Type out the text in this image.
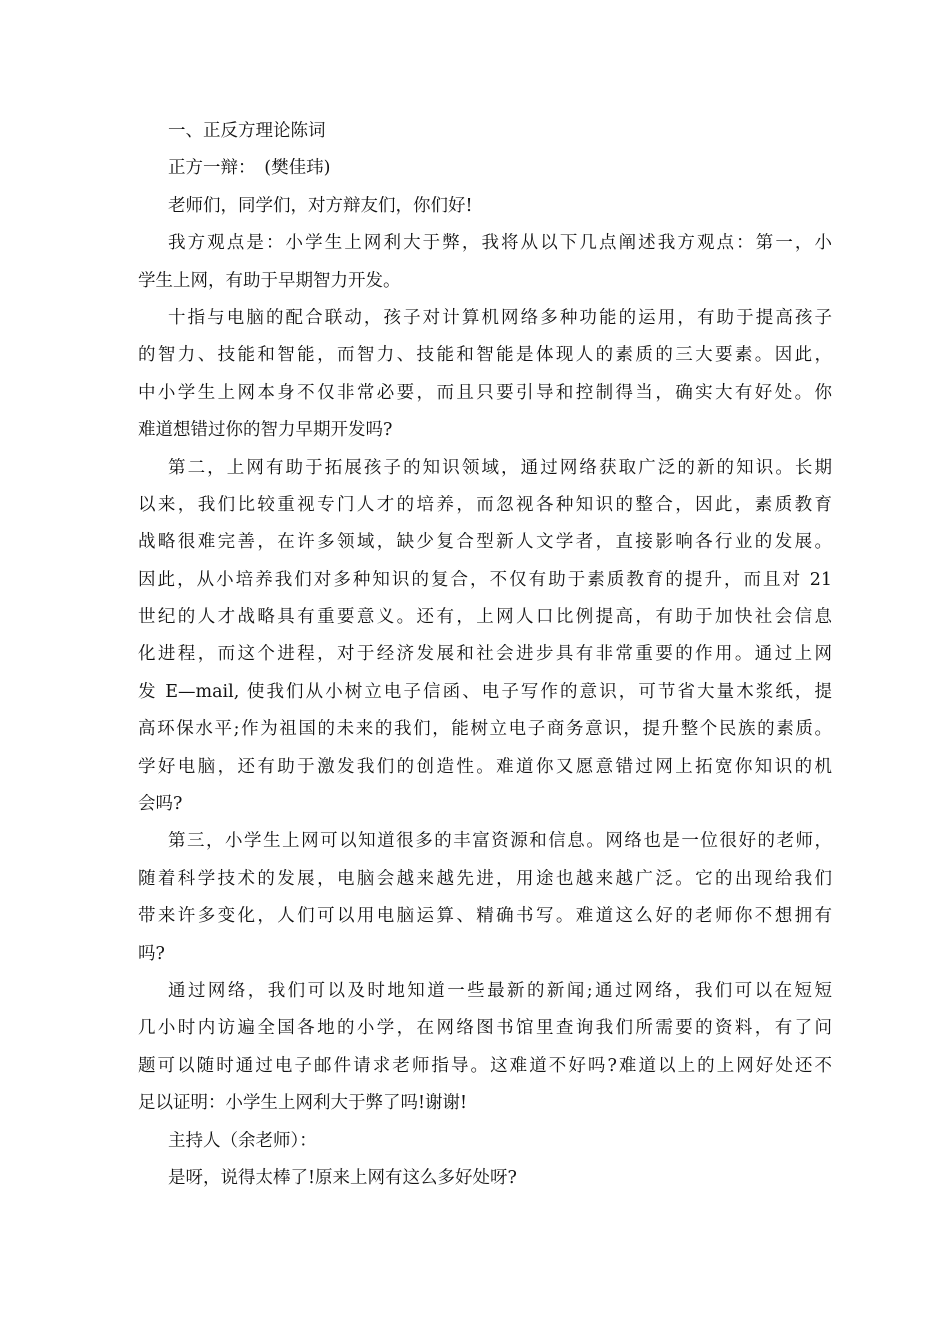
一、正反方理论陈词
正方一辩：　(樊佳玮)
老师们，同学们，对方辩友们，你们好!
我方观点是：小学生上网利大于弊，我将从以下几点阐述我方观点：第一，小
学生上网，有助于早期智力开发。
十指与电脑的配合联动，孩子对计算机网络多种功能的运用，有助于提高孩子
的智力、技能和智能，而智力、技能和智能是体现人的素质的三大要素。因此，
中小学生上网本身不仅非常必要，而且只要引导和控制得当，确实大有好处。你
难道想错过你的智力早期开发吗?
第二，上网有助于拓展孩子的知识领域，通过网络获取广泛的新的知识。长期
以来，我们比较重视专门人才的培养，而忽视各种知识的整合，因此，素质教育
战略很难完善，在许多领域，缺少复合型新人文学者，直接影响各行业的发展。
因此，从小培养我们对多种知识的复合，不仅有助于素质教育的提升，而且对 21
世纪的人才战略具有重要意义。还有，上网人口比例提高，有助于加快社会信息
化进程，而这个进程，对于经济发展和社会进步具有非常重要的作用。通过上网
发 E—mail, 使我们从小树立电子信函、电子写作的意识，可节省大量木浆纸，提
高环保水平;作为祖国的未来的我们，能树立电子商务意识，提升整个民族的素质。
学好电脑，还有助于激发我们的创造性。难道你又愿意错过网上拓宽你知识的机
会吗?
第三，小学生上网可以知道很多的丰富资源和信息。网络也是一位很好的老师，
随着科学技术的发展，电脑会越来越先进，用途也越来越广泛。它的出现给我们
带来许多变化，人们可以用电脑运算、精确书写。难道这么好的老师你不想拥有
吗?
通过网络，我们可以及时地知道一些最新的新闻;通过网络，我们可以在短短
几小时内访遍全国各地的小学，在网络图书馆里查询我们所需要的资料，有了问
题可以随时通过电子邮件请求老师指导。这难道不好吗?难道以上的上网好处还不
足以证明：小学生上网利大于弊了吗!谢谢!
主持人（余老师）：
是呀，说得太棒了!原来上网有这么多好处呀?
